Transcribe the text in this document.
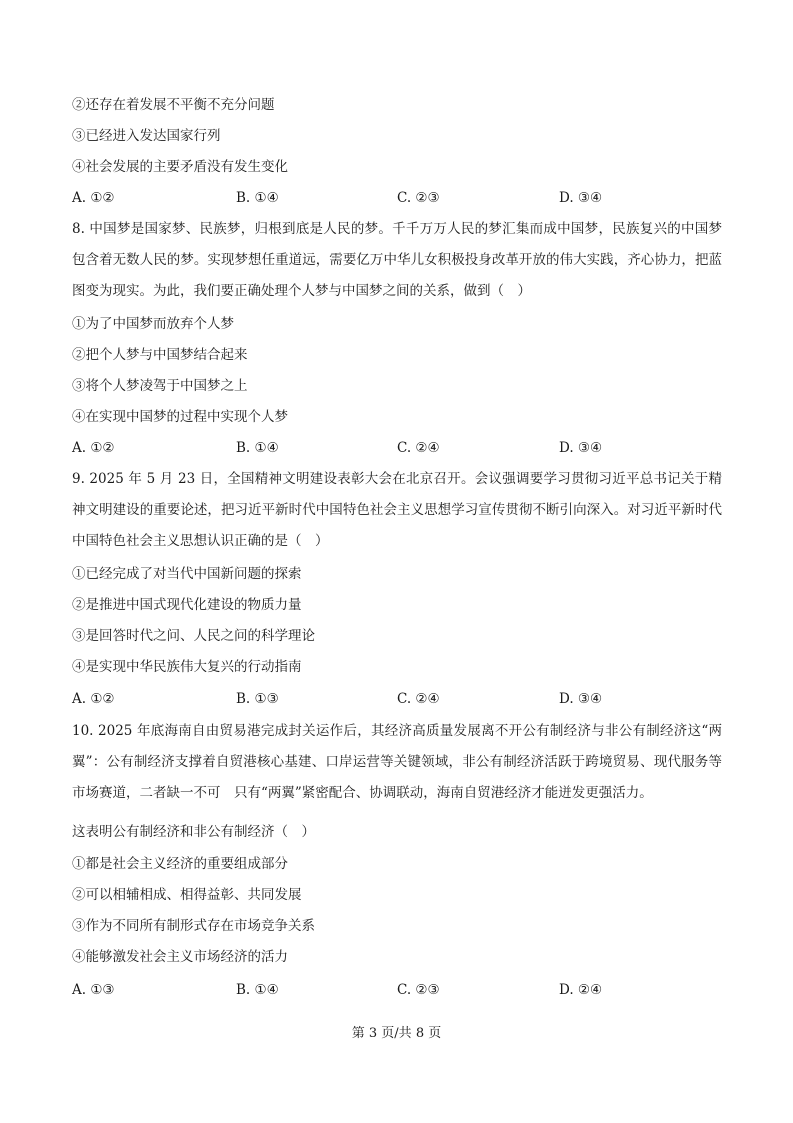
②还存在着发展不平衡不充分问题
③已经进入发达国家行列
④社会发展的主要矛盾没有发生变化
A. ①②	B. ①④	C. ②③	D. ③④
8. 中国梦是国家梦、民族梦，归根到底是人民的梦。千千万万人民的梦汇集而成中国梦，民族复兴的中国梦包含着无数人民的梦。实现梦想任重道远，需要亿万中华儿女积极投身改革开放的伟大实践，齐心协力，把蓝图变为现实。为此，我们要正确处理个人梦与中国梦之间的关系，做到（　）
①为了中国梦而放弃个人梦
②把个人梦与中国梦结合起来
③将个人梦凌驾于中国梦之上
④在实现中国梦的过程中实现个人梦
A. ①②	B. ①④	C. ②④	D. ③④
9. 2025 年 5 月 23 日，全国精神文明建设表彰大会在北京召开。会议强调要学习贯彻习近平总书记关于精神文明建设的重要论述，把习近平新时代中国特色社会主义思想学习宣传贯彻不断引向深入。对习近平新时代中国特色社会主义思想认识正确的是（　）
①已经完成了对当代中国新问题的探索
②是推进中国式现代化建设的物质力量
③是回答时代之问、人民之问的科学理论
④是实现中华民族伟大复兴的行动指南
A. ①②	B. ①③	C. ②④	D. ③④
10. 2025 年底海南自由贸易港完成封关运作后，其经济高质量发展离不开公有制经济与非公有制经济这“两翼”：公有制经济支撑着自贸港核心基建、口岸运营等关键领域，非公有制经济活跃于跨境贸易、现代服务等市场赛道，二者缺一不可　只有“两翼”紧密配合、协调联动，海南自贸港经济才能迸发更强活力。
这表明公有制经济和非公有制经济（　）
①都是社会主义经济的重要组成部分
②可以相辅相成、相得益彰、共同发展
③作为不同所有制形式存在市场竞争关系
④能够激发社会主义市场经济的活力
A. ①③	B. ①④	C. ②③	D. ②④
第 3 页/共 8 页
